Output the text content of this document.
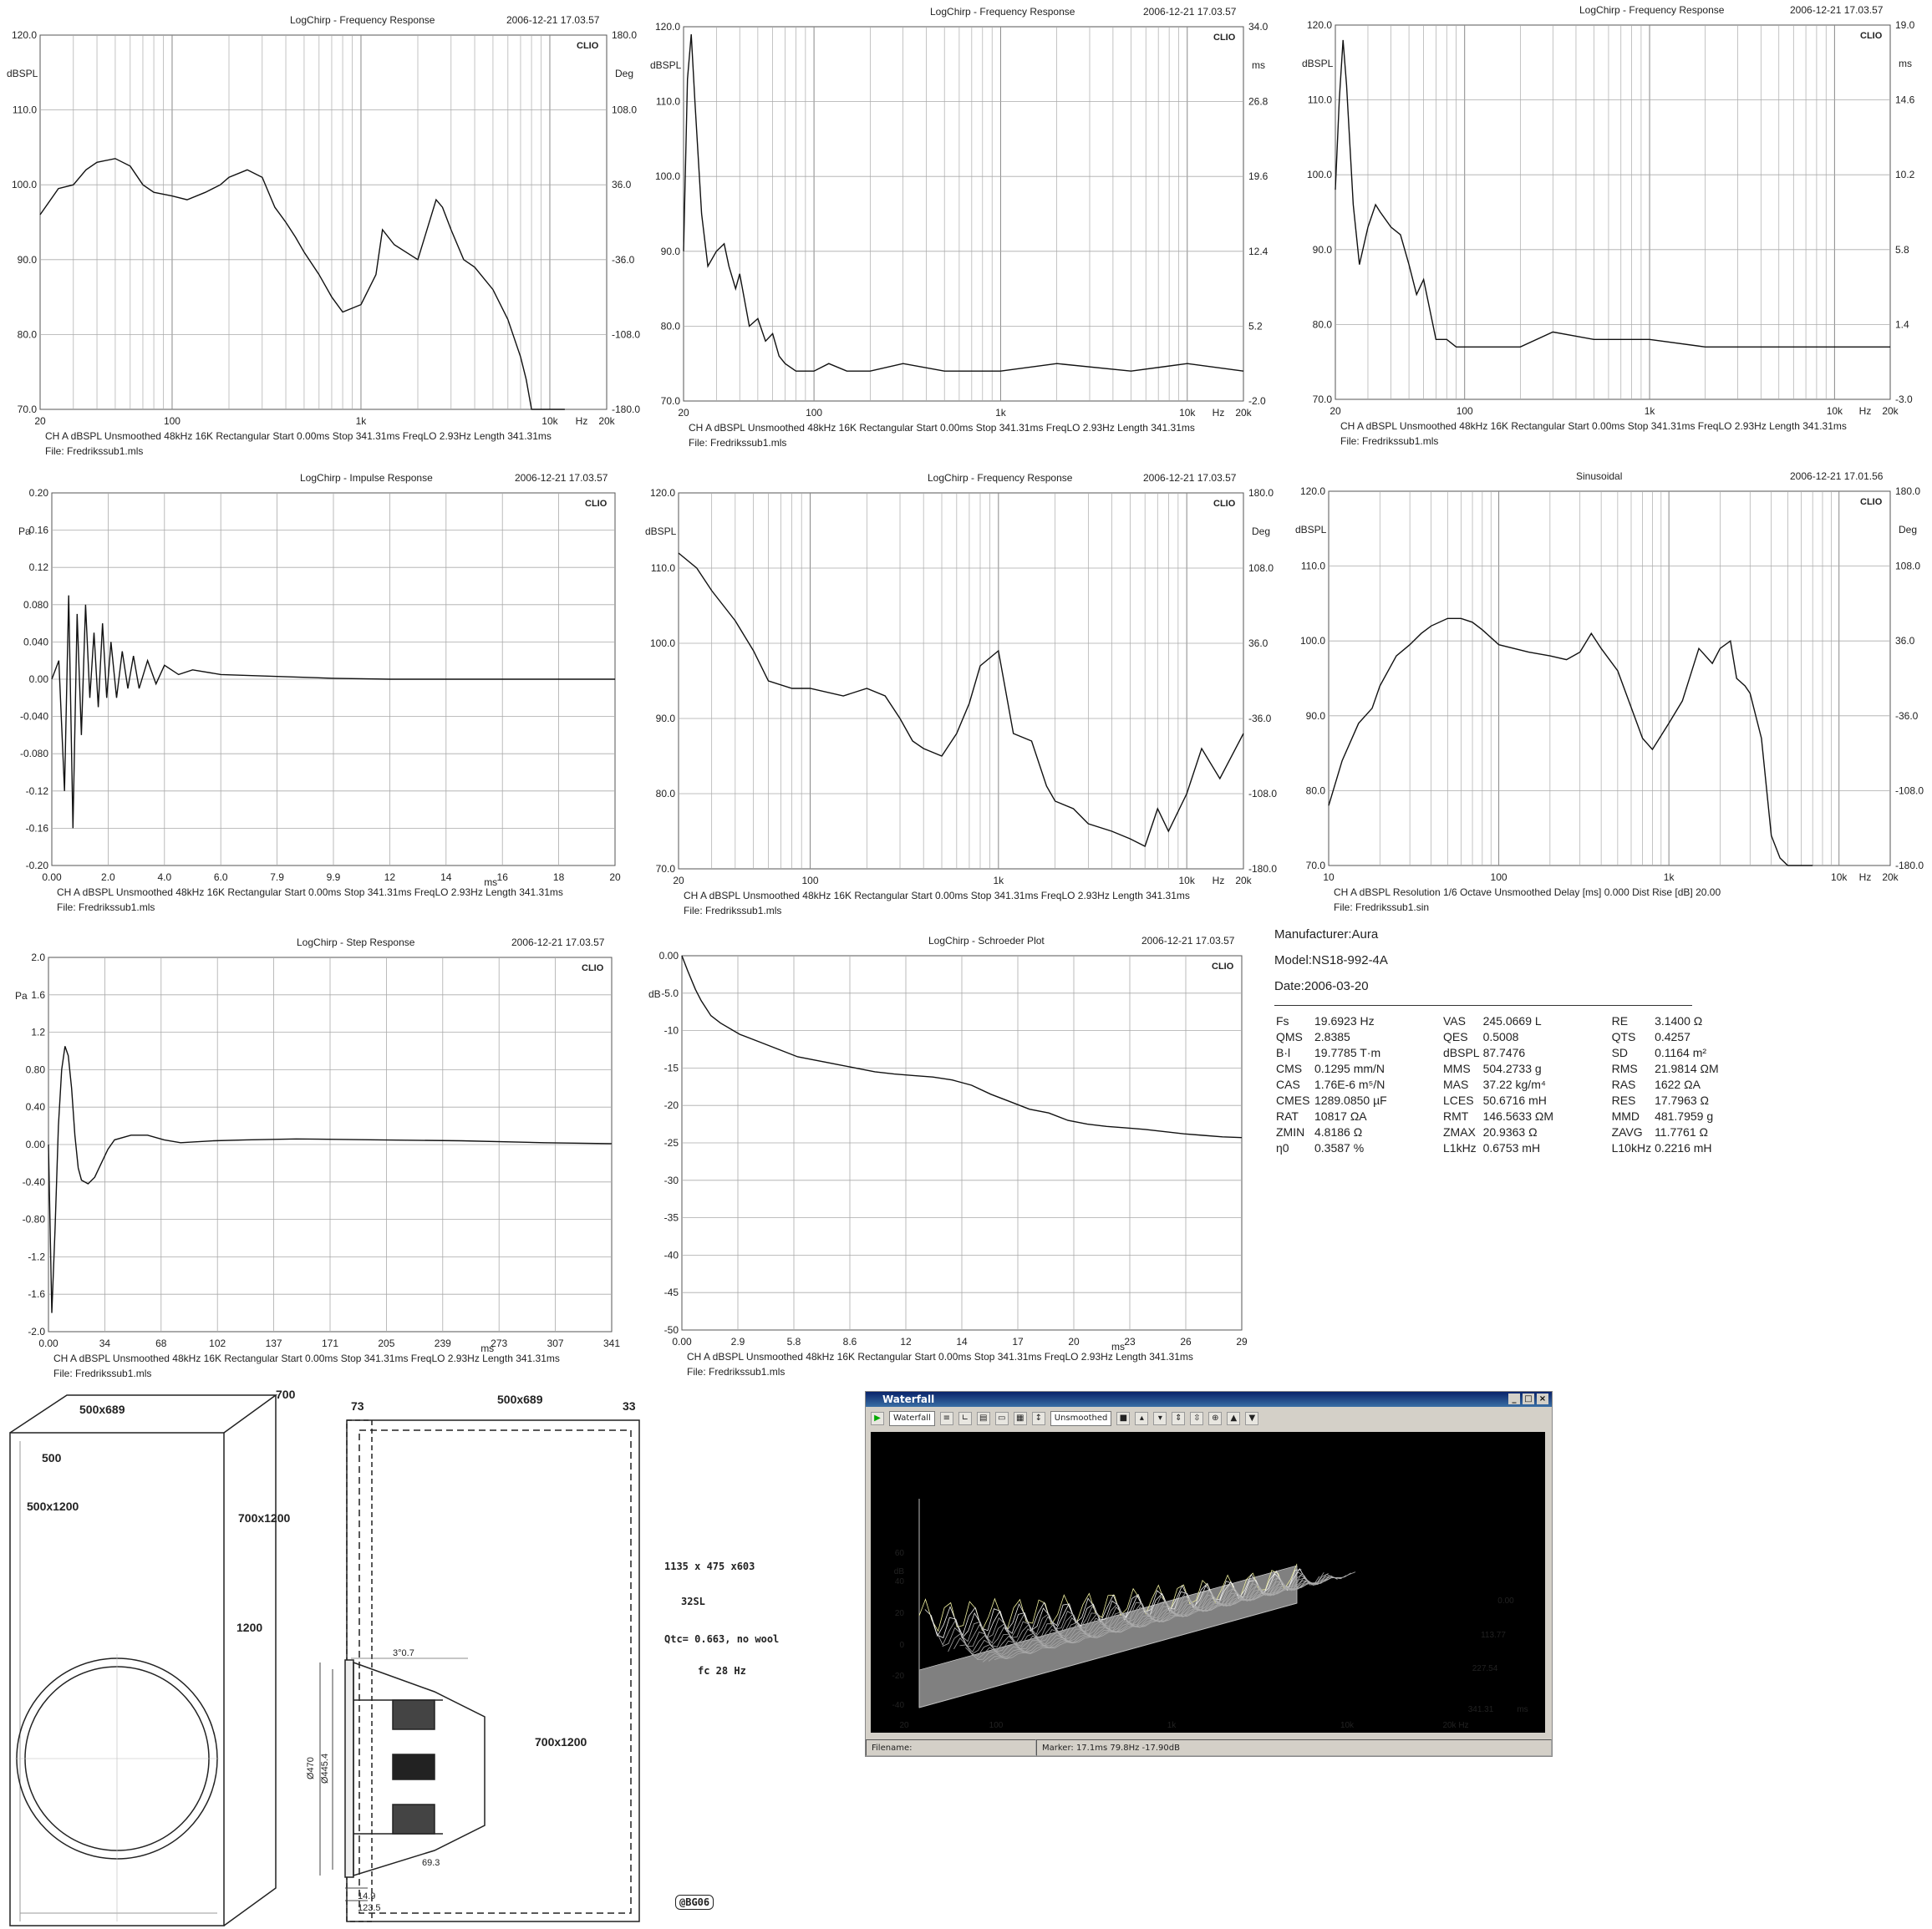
LogChirp - Frequency Response	2006-12-21 17.03.57
70.0
80.0
90.0
100.0
110.0
120.0
-180.0
-108.0
-36.0
36.0
108.0
180.0
dBSPL	Deg
CLIO
20	100	1k	10k Hz 20k
CH A dBSPL Unsmoothed 48kHz 16K Rectangular Start 0.00ms Stop 341.31ms FreqLO 2.93Hz Length 341.31ms
File: Fredrikssub1.mls
LogChirp - Frequency Response	2006-12-21 17.03.57
70.0
80.0
90.0
100.0
110.0
120.0
-2.0
5.2
12.4
19.6
26.8
34.0
dBSPL	ms
CLIO
20	100	1k	10k Hz 20k
CH A dBSPL Unsmoothed 48kHz 16K Rectangular Start 0.00ms Stop 341.31ms FreqLO 2.93Hz Length 341.31ms
File: Fredrikssub1.mls
LogChirp - Frequency Response	2006-12-21 17.03.57
70.0
80.0
90.0
100.0
110.0
120.0
-3.0
1.4
5.8
10.2
14.6
19.0
dBSPL	ms
CLIO
20	100	1k	10k Hz 20k
CH A dBSPL Unsmoothed 48kHz 16K Rectangular Start 0.00ms Stop 341.31ms FreqLO 2.93Hz Length 341.31ms
File: Fredrikssub1.mls
LogChirp - Impulse Response	2006-12-21 17.03.57
-0.20
-0.16
-0.12
-0.080
-0.040
0.00
0.040
0.080
0.12
0.16
0.20
Pa
CLIO
0.00	2.0	4.0	6.0	7.9	9.9	12	14	16	18	20
ms
CH A dBSPL Unsmoothed 48kHz 16K Rectangular Start 0.00ms Stop 341.31ms FreqLO 2.93Hz Length 341.31ms
File: Fredrikssub1.mls
LogChirp - Frequency Response	2006-12-21 17.03.57
70.0
80.0
90.0
100.0
110.0
120.0
-180.0
-108.0
-36.0
36.0
108.0
180.0
dBSPL	Deg
CLIO
20	100	1k	10k Hz 20k
CH A dBSPL Unsmoothed 48kHz 16K Rectangular Start 0.00ms Stop 341.31ms FreqLO 2.93Hz Length 341.31ms
File: Fredrikssub1.mls
Sinusoidal	2006-12-21 17.01.56
70.0
80.0
90.0
100.0
110.0
120.0
-180.0
-108.0
-36.0
36.0
108.0
180.0
dBSPL	Deg
CLIO
10	100	1k	10k Hz 20k
CH A dBSPL Resolution 1/6 Octave Unsmoothed Delay [ms] 0.000 Dist Rise [dB] 20.00
File: Fredrikssub1.sin
LogChirp - Step Response	2006-12-21 17.03.57
-2.0
-1.6
-1.2
-0.80
-0.40
0.00
0.40
0.80
1.2
1.6
2.0
Pa
CLIO
0.00	34	68	102	137	171	205	239	273	307	341
ms
CH A dBSPL Unsmoothed 48kHz 16K Rectangular Start 0.00ms Stop 341.31ms FreqLO 2.93Hz Length 341.31ms
File: Fredrikssub1.mls
LogChirp - Schroeder Plot	2006-12-21 17.03.57
-50
-45
-40
-35
-30
-25
-20
-15
-10
-5.0
0.00
dB
CLIO
0.00	2.9	5.8	8.6	12	14	17	20	23	26	29
ms
CH A dBSPL Unsmoothed 48kHz 16K Rectangular Start 0.00ms Stop 341.31ms FreqLO 2.93Hz Length 341.31ms
File: Fredrikssub1.mls
Manufacturer:Aura
Model:NS18-992-4A
Date:2006-03-20
Fs	19.6923 Hz	VAS	245.0669 L	RE	3.1400 Ω
QMS	2.8385	QES	0.5008	QTS	0.4257
B·l	19.7785 T·m	dBSPL	87.7476	SD	0.1164 m²
CMS	0.1295 mm/N	MMS	504.2733 g	RMS	21.9814 ΩM
CAS	1.76E-6 m⁵/N	MAS	37.22 kg/m⁴	RAS	1622 ΩA
CMES	1289.0850 µF	LCES	50.6716 mH	RES	17.7963 Ω
RAT	10817 ΩA	RMT	146.5633 ΩM	MMD	481.7959 g
ZMIN	4.8186 Ω	ZMAX	20.9363 Ω	ZAVG	11.7761 Ω
η0	0.3587 %	L1kHz	0.6753 mH	L10kHz	0.2216 mH
500x689
700
500
500x1200
700x1200
1200
73	500x689	33
3°0.7
Ø470 Ø445.4
69.3
14.9
123.5
700x1200
1135 x 475 x603
32SL
Qtc= 0.663, no wool
fc 28 Hz
@BG06
Waterfall	_ □ ×
▶	Waterfall	≡	∟	▤	▭	▦	↕	Unsmoothed	■	▴	▾	⇕	⇳	⊕	▲	▼
-40
-20
0
20
40
dB
60
20	100	1k	10k	20k Hz
0.00
113.77
227.54
341.31	ms
Filename:	Marker: 17.1ms 79.8Hz -17.90dB
